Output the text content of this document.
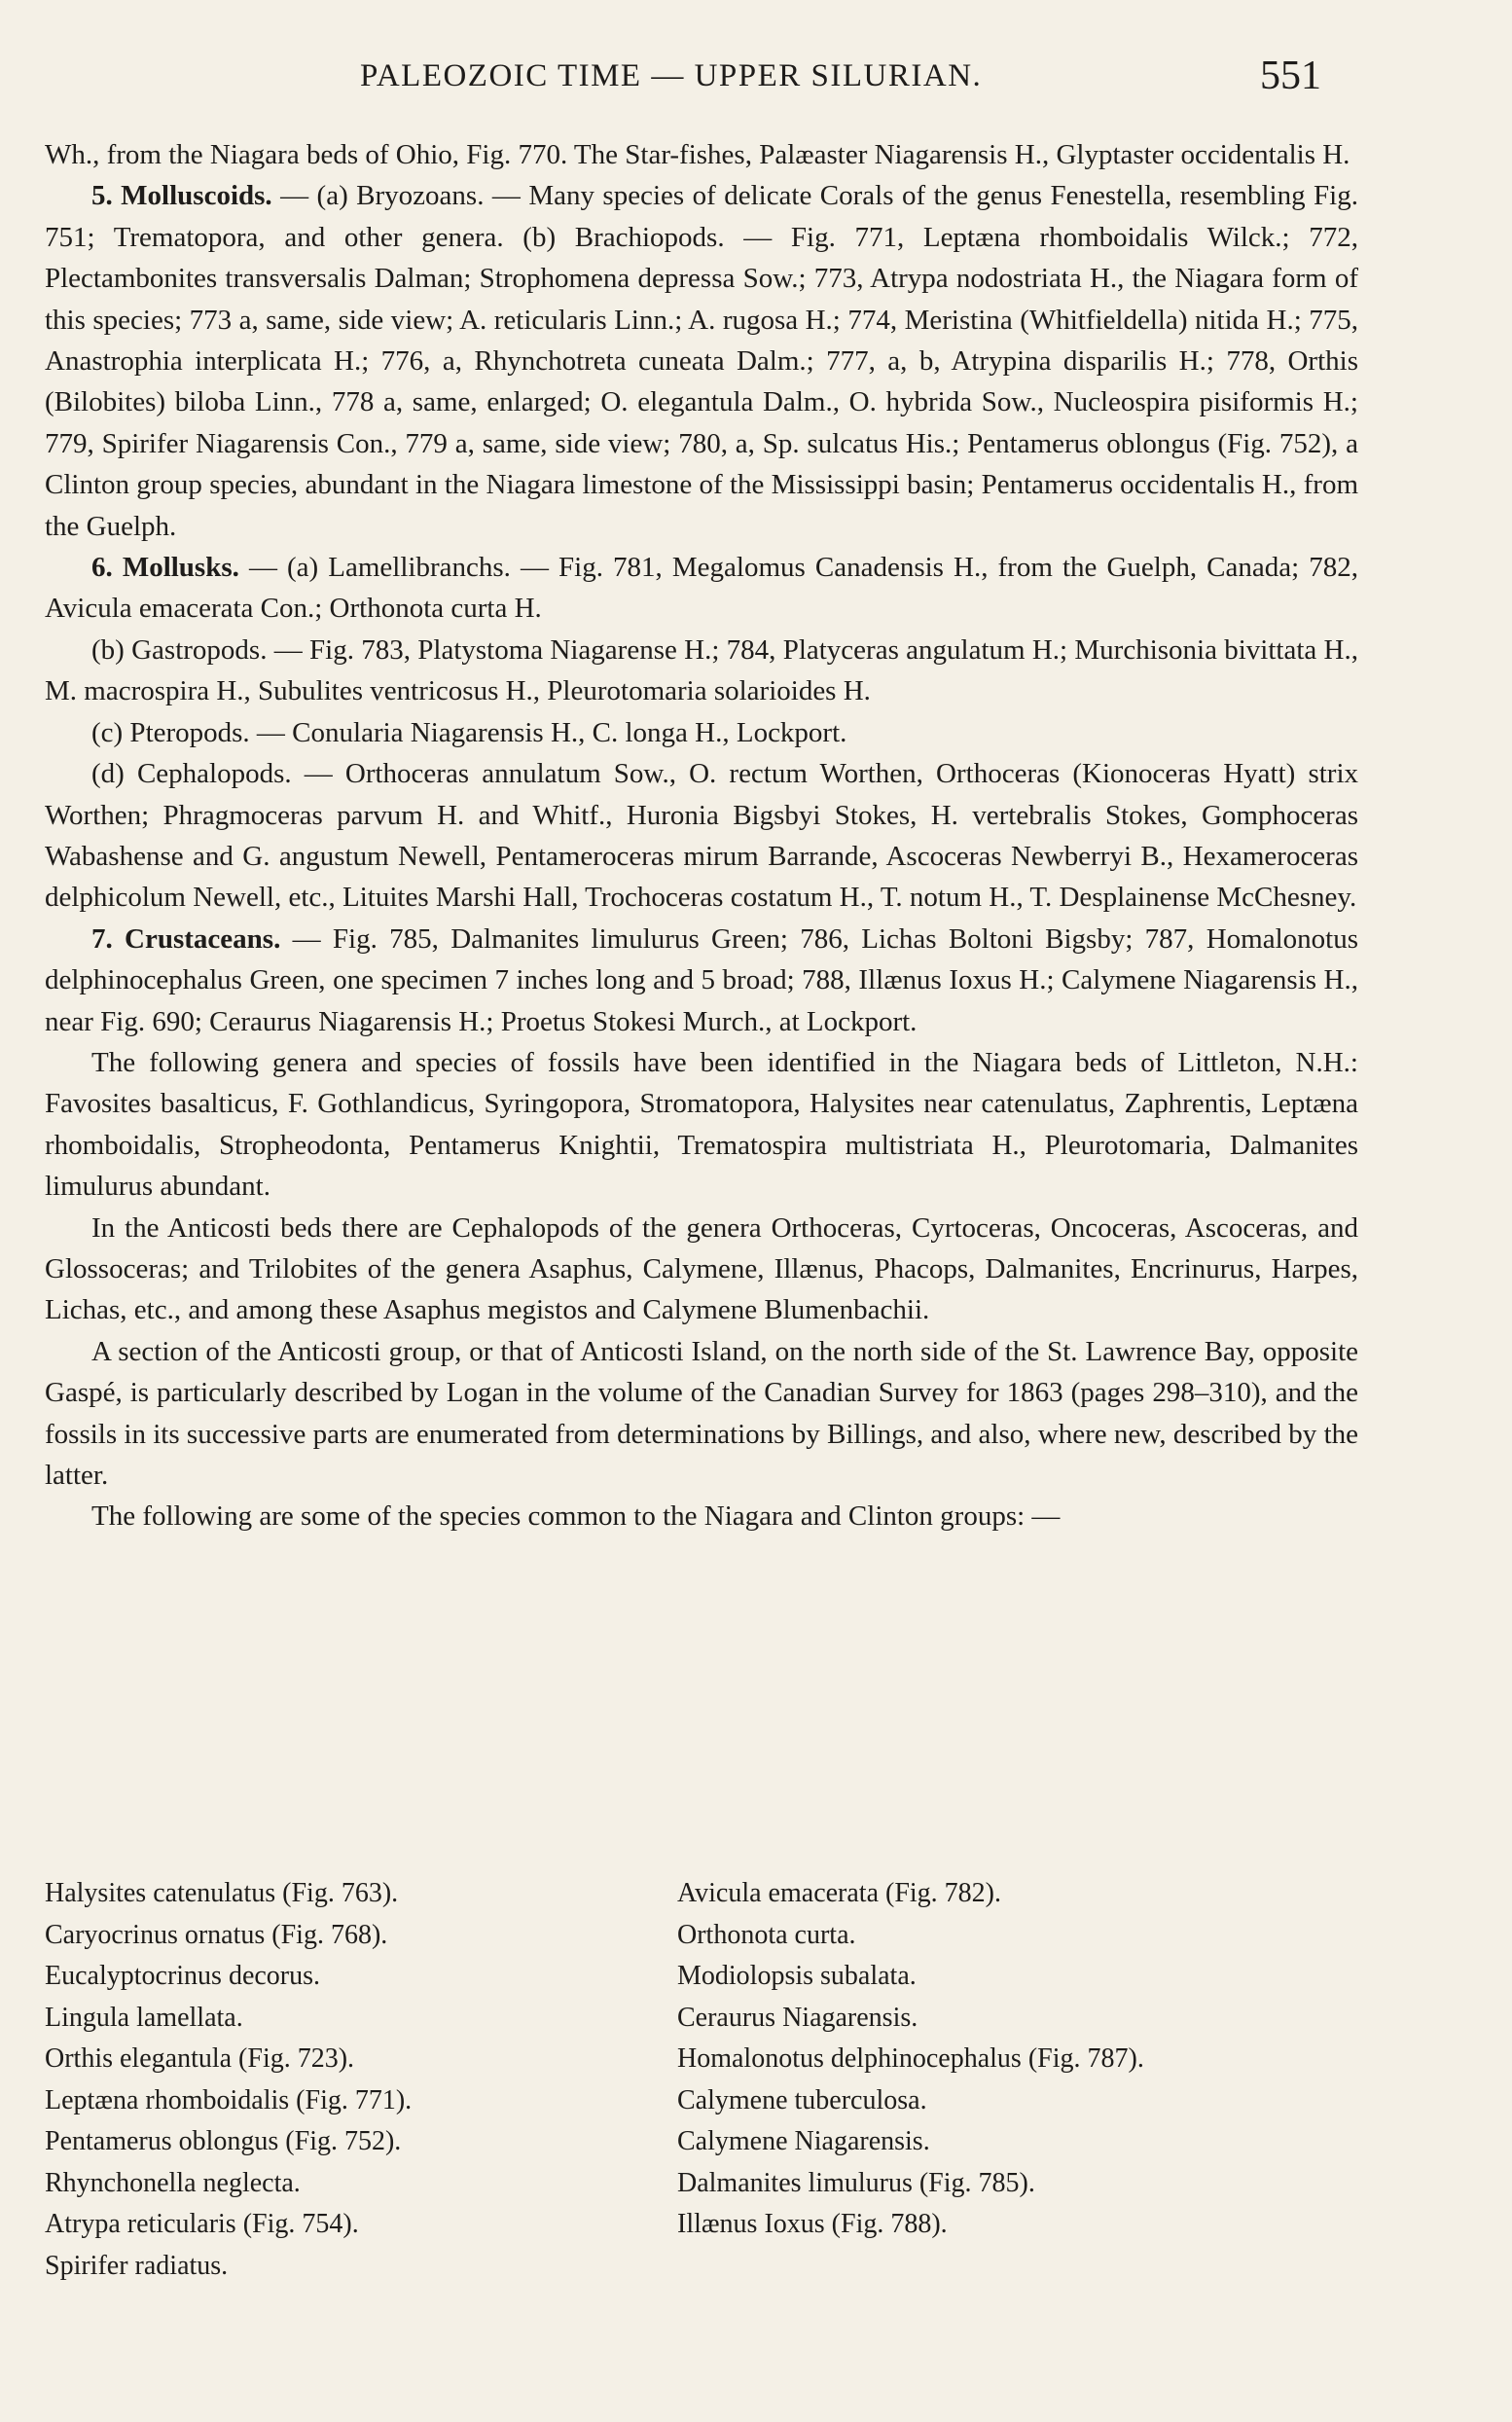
PALEOZOIC TIME — UPPER SILURIAN.	551

Wh., from the Niagara beds of Ohio, Fig. 770. The Star-fishes, Palæaster Niagarensis H., Glyptaster occidentalis H.

5. Molluscoids. — (a) Bryozoans. — Many species of delicate Corals of the genus Fenestella, resembling Fig. 751; Trematopora, and other genera. (b) Brachiopods. — Fig. 771, Leptæna rhomboidalis Wilck.; 772, Plectambonites transversalis Dalman; Strophomena depressa Sow.; 773, Atrypa nodostriata H., the Niagara form of this species; 773 a, same, side view; A. reticularis Linn.; A. rugosa H.; 774, Meristina (Whitfieldella) nitida H.; 775, Anastrophia interplicata H.; 776, a, Rhynchotreta cuneata Dalm.; 777, a, b, Atrypina disparilis H.; 778, Orthis (Bilobites) biloba Linn., 778 a, same, enlarged; O. elegantula Dalm., O. hybrida Sow., Nucleospira pisiformis H.; 779, Spirifer Niagarensis Con., 779 a, same, side view; 780, a, Sp. sulcatus His.; Pentamerus oblongus (Fig. 752), a Clinton group species, abundant in the Niagara limestone of the Mississippi basin; Pentamerus occidentalis H., from the Guelph.

6. Mollusks. — (a) Lamellibranchs. — Fig. 781, Megalomus Canadensis H., from the Guelph, Canada; 782, Avicula emacerata Con.; Orthonota curta H.

(b) Gastropods. — Fig. 783, Platystoma Niagarense H.; 784, Platyceras angulatum H.; Murchisonia bivittata H., M. macrospira H., Subulites ventricosus H., Pleurotomaria solarioides H.

(c) Pteropods. — Conularia Niagarensis H., C. longa H., Lockport.

(d) Cephalopods. — Orthoceras annulatum Sow., O. rectum Worthen, Orthoceras (Kionoceras Hyatt) strix Worthen; Phragmoceras parvum H. and Whitf., Huronia Bigsbyi Stokes, H. vertebralis Stokes, Gomphoceras Wabashense and G. angustum Newell, Pentameroceras mirum Barrande, Ascoceras Newberryi B., Hexameroceras delphicolum Newell, etc., Lituites Marshi Hall, Trochoceras costatum H., T. notum H., T. Desplainense McChesney.

7. Crustaceans. — Fig. 785, Dalmanites limulurus Green; 786, Lichas Boltoni Bigsby; 787, Homalonotus delphinocephalus Green, one specimen 7 inches long and 5 broad; 788, Illænus Ioxus H.; Calymene Niagarensis H., near Fig. 690; Ceraurus Niagarensis H.; Proetus Stokesi Murch., at Lockport.

The following genera and species of fossils have been identified in the Niagara beds of Littleton, N.H.: Favosites basalticus, F. Gothlandicus, Syringopora, Stromatopora, Halysites near catenulatus, Zaphrentis, Leptæna rhomboidalis, Stropheodonta, Pentamerus Knightii, Trematospira multistriata H., Pleurotomaria, Dalmanites limulurus abundant.

In the Anticosti beds there are Cephalopods of the genera Orthoceras, Cyrtoceras, Oncoceras, Ascoceras, and Glossoceras; and Trilobites of the genera Asaphus, Calymene, Illænus, Phacops, Dalmanites, Encrinurus, Harpes, Lichas, etc., and among these Asaphus megistos and Calymene Blumenbachii.

A section of the Anticosti group, or that of Anticosti Island, on the north side of the St. Lawrence Bay, opposite Gaspé, is particularly described by Logan in the volume of the Canadian Survey for 1863 (pages 298–310), and the fossils in its successive parts are enumerated from determinations by Billings, and also, where new, described by the latter.

The following are some of the species common to the Niagara and Clinton groups: —

Halysites catenulatus (Fig. 763).
Caryocrinus ornatus (Fig. 768).
Eucalyptocrinus decorus.
Lingula lamellata.
Orthis elegantula (Fig. 723).
Leptæna rhomboidalis (Fig. 771).
Pentamerus oblongus (Fig. 752).
Rhynchonella neglecta.
Atrypa reticularis (Fig. 754).
Spirifer radiatus.
Avicula emacerata (Fig. 782).
Orthonota curta.
Modiolopsis subalata.
Ceraurus Niagarensis.
Homalonotus delphinocephalus (Fig. 787).
Calymene tuberculosa.
Calymene Niagarensis.
Dalmanites limulurus (Fig. 785).
Illænus Ioxus (Fig. 788).
